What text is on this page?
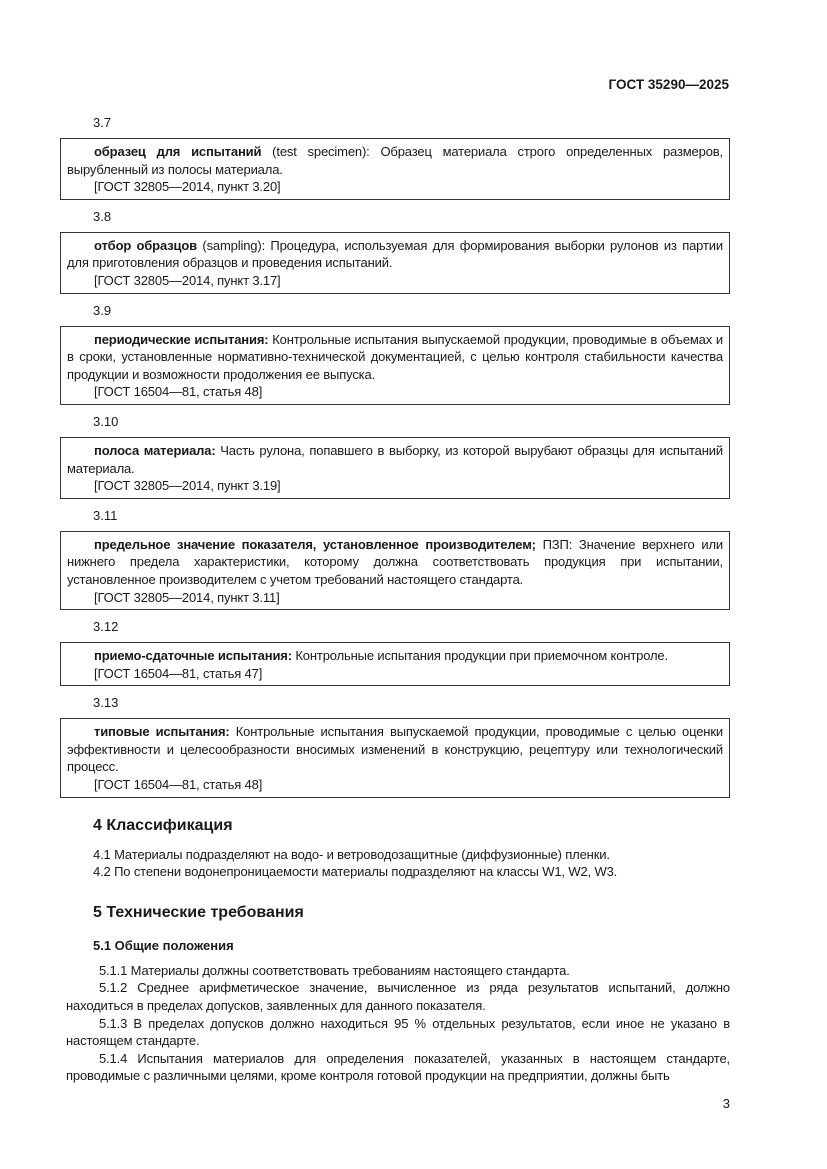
ГОСТ 35290—2025
3.7

образец для испытаний (test specimen): Образец материала строго определенных размеров, вырубленный из полосы материала.

[ГОСТ 32805—2014, пункт 3.20]
3.8

отбор образцов (sampling): Процедура, используемая для формирования выборки рулонов из партии для приготовления образцов и проведения испытаний.

[ГОСТ 32805—2014, пункт 3.17]
3.9

периодические испытания: Контрольные испытания выпускаемой продукции, проводимые в объемах и в сроки, установленные нормативно-технической документацией, с целью контроля стабильности качества продукции и возможности продолжения ее выпуска.

[ГОСТ 16504—81, статья 48]
3.10

полоса материала: Часть рулона, попавшего в выборку, из которой вырубают образцы для испытаний материала.

[ГОСТ 32805—2014, пункт 3.19]
3.11

предельное значение показателя, установленное производителем; ПЗП: Значение верхнего или нижнего предела характеристики, которому должна соответствовать продукция при испытании, установленное производителем с учетом требований настоящего стандарта.

[ГОСТ 32805—2014, пункт 3.11]
3.12

приемо-сдаточные испытания: Контрольные испытания продукции при приемочном контроле.

[ГОСТ 16504—81, статья 47]
3.13

типовые испытания: Контрольные испытания выпускаемой продукции, проводимые с целью оценки эффективности и целесообразности вносимых изменений в конструкцию, рецептуру или технологический процесс.

[ГОСТ 16504—81, статья 48]
4 Классификация
4.1 Материалы подразделяют на водо- и ветроводозащитные (диффузионные) пленки.
4.2 По степени водонепроницаемости материалы подразделяют на классы W1, W2, W3.
5 Технические требования
5.1 Общие положения
5.1.1 Материалы должны соответствовать требованиям настоящего стандарта.
5.1.2 Среднее арифметическое значение, вычисленное из ряда результатов испытаний, должно находиться в пределах допусков, заявленных для данного показателя.
5.1.3 В пределах допусков должно находиться 95 % отдельных результатов, если иное не указано в настоящем стандарте.
5.1.4 Испытания материалов для определения показателей, указанных в настоящем стандарте, проводимые с различными целями, кроме контроля готовой продукции на предприятии, должны быть
3
